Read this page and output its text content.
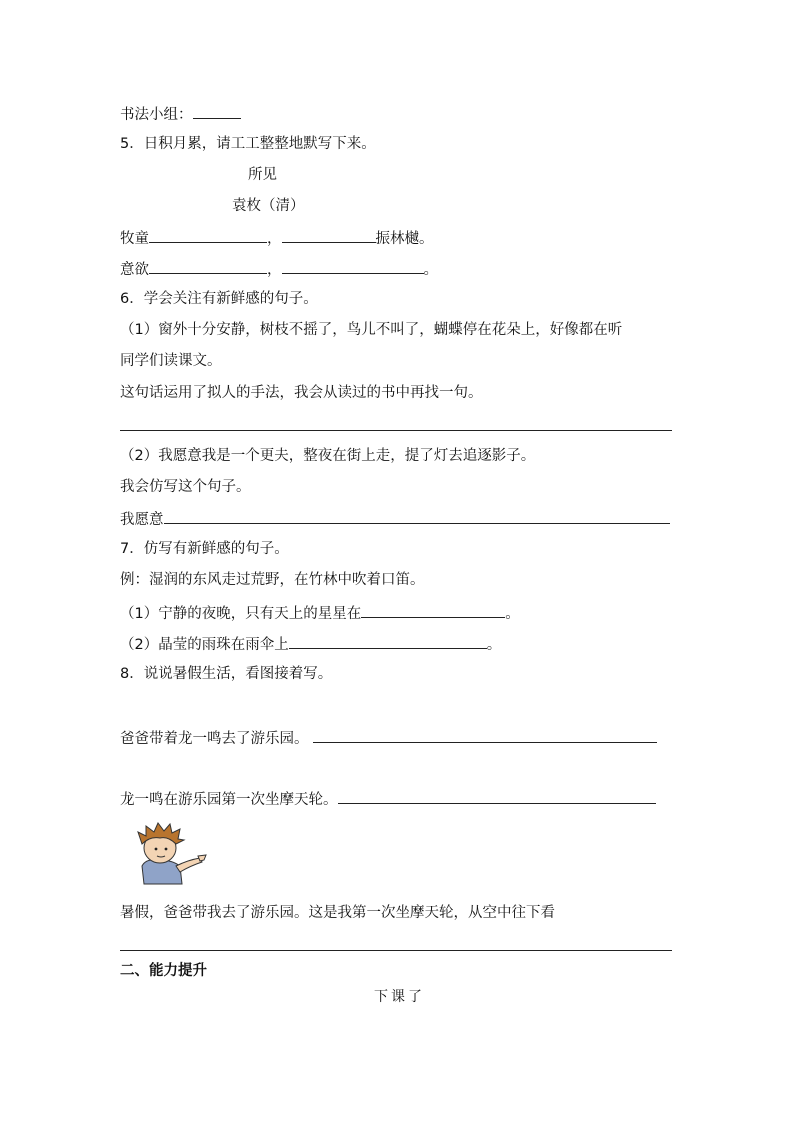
书法小组：
5．日积月累，请工工整整地默写下来。
所见
袁枚（清）
牧童	，	振林樾。
意欲	，	。
6．学会关注有新鲜感的句子。
（1）窗外十分安静，树枝不摇了，鸟儿不叫了，蝴蝶停在花朵上，好像都在听
同学们读课文。
这句话运用了拟人的手法，我会从读过的书中再找一句。
（2）我愿意我是一个更夫，整夜在街上走，提了灯去追逐影子。
我会仿写这个句子。
我愿意
7．仿写有新鲜感的句子。
例：湿润的东风走过荒野，在竹林中吹着口笛。
（1）宁静的夜晚，只有天上的星星在	。
（2）晶莹的雨珠在雨伞上	。
8．说说暑假生活，看图接着写。
爸爸带着龙一鸣去了游乐园。
龙一鸣在游乐园第一次坐摩天轮。
暑假，爸爸带我去了游乐园。这是我第一次坐摩天轮，从空中往下看
二、能力提升
下课了
